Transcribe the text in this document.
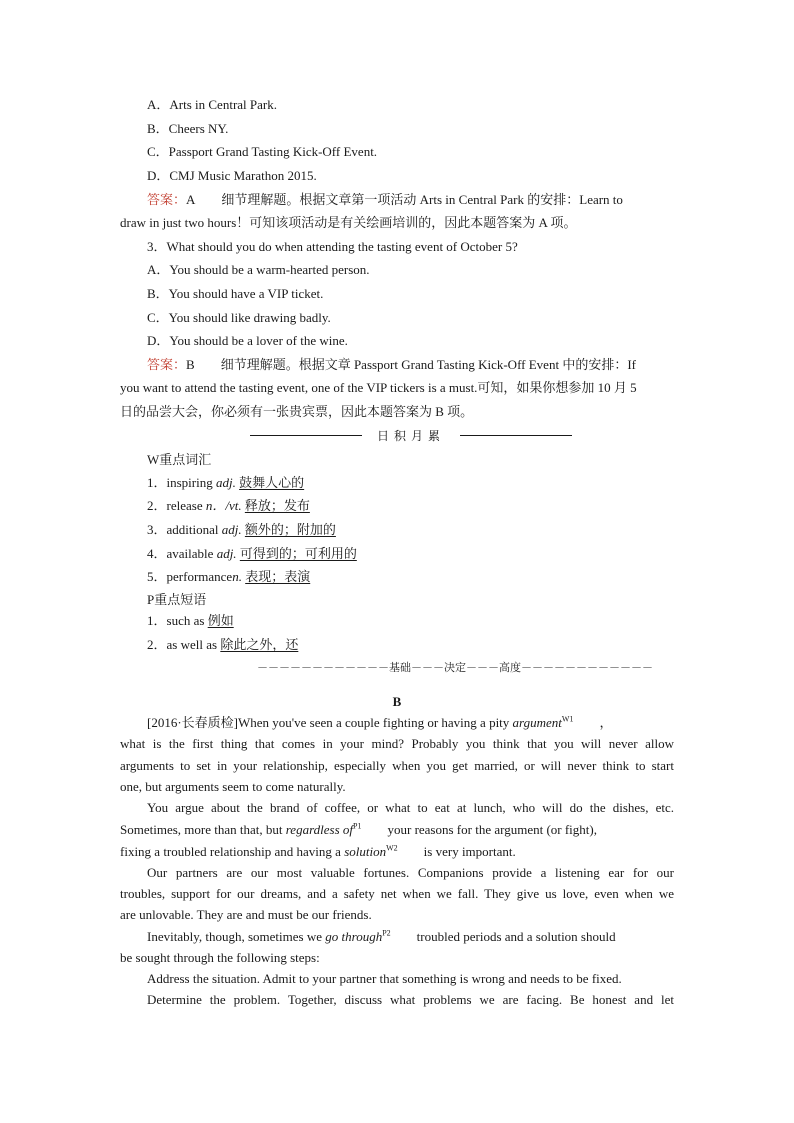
A．Arts in Central Park.
B．Cheers NY.
C．Passport Grand Tasting Kick-Off Event.
D．CMJ Music Marathon 2015.
答案：A 细节理解题。根据文章第一项活动 Arts in Central Park 的安排：Learn to
draw in just two hours！可知该项活动是有关绘画培训的，因此本题答案为 A 项。
3．What should you do when attending the tasting event of October 5?
A．You should be a warm-hearted person.
B．You should have a VIP ticket.
C．You should like drawing badly.
D．You should be a lover of the wine.
答案：B 细节理解题。根据文章 Passport Grand Tasting Kick-Off Event 中的安排：If
you want to attend the tasting event, one of the VIP tickers is a must.可知，如果你想参加 10 月 5
日的品尝大会，你必须有一张贵宾票，因此本题答案为 B 项。
日积月累
W重点词汇
1．inspiring adj. 鼓舞人心的
2．release n．/vt. 释放；发布
3．additional adj. 额外的；附加的
4．available adj. 可得到的；可利用的
5．performancen. 表现；表演
P重点短语
1．such as 例如
2．as well as 除此之外，还
－－－－－－－－－－－－基础－－－决定－－－高度－－－－－－－－－－－－
B
[2016·长春质检]When you've seen a couple fighting or having a pity argument$^{W1}$ ，
what is the first thing that comes in your mind? Probably you think that you will never allow
arguments to set in your relationship, especially when you get married, or will never think to start
one, but arguments seem to come naturally.
You argue about the brand of coffee, or what to eat at lunch, who will do the dishes, etc.
Sometimes, more than that, but regardless $of^{P1}$ your reasons for the argument (or fight),
fixing a troubled relationship and having a solution$^{W2}$ is very important.
Our partners are our most valuable fortunes. Companions provide a listening ear for our
troubles, support for our dreams, and a safety net when we fall. They give us love, even when we
are unlovable. They are and must be our friends.
Inevitably, though, sometimes we go through$^{P2}$ troubled periods and a solution should
be sought through the following steps:
Address the situation. Admit to your partner that something is wrong and needs to be fixed.
Determine the problem. Together, discuss what problems we are facing. Be honest and let
